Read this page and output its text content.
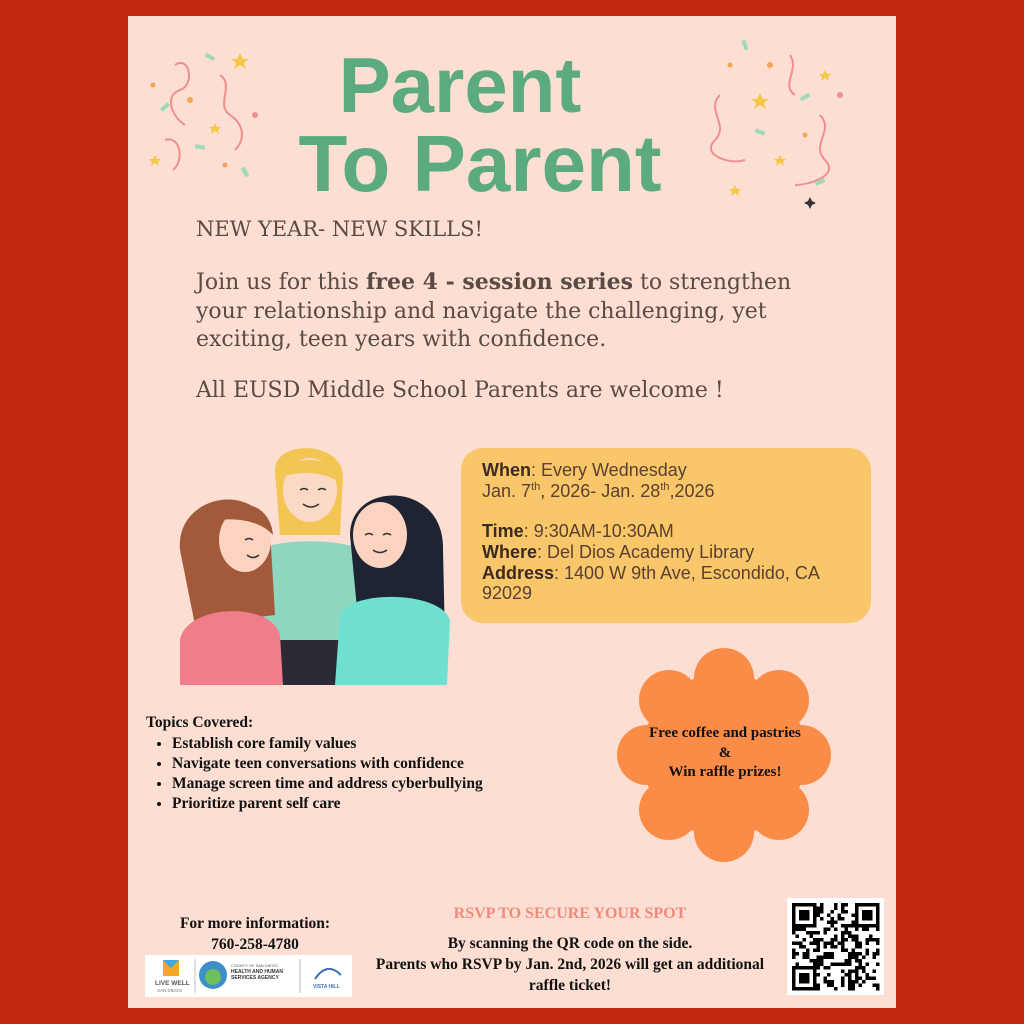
Parent
To Parent
NEW YEAR- NEW SKILLS!
Join us for this free 4 - session series to strengthen your relationship and navigate the challenging, yet exciting, teen years with confidence.
All EUSD Middle School Parents are welcome !
When: Every Wednesday
Jan. 7th, 2026- Jan. 28th,2026
Time: 9:30AM-10:30AM
Where: Del Dios Academy Library
Address: 1400 W 9th Ave, Escondido, CA 92029
Topics Covered:
• Establish core family values
• Navigate teen conversations with confidence
• Manage screen time and address cyberbullying
• Prioritize parent self care
Free coffee and pastries
&
Win raffle prizes!
For more information:
760-258-4780
LIVE WELL
SAN DIEGO
COUNTY OF SAN DIEGO
HEALTH AND HUMAN SERVICES AGENCY
VISTA HILL
RSVP TO SECURE YOUR SPOT
By scanning the QR code on the side.
Parents who RSVP by Jan. 2nd, 2026 will get an additional raffle ticket!
